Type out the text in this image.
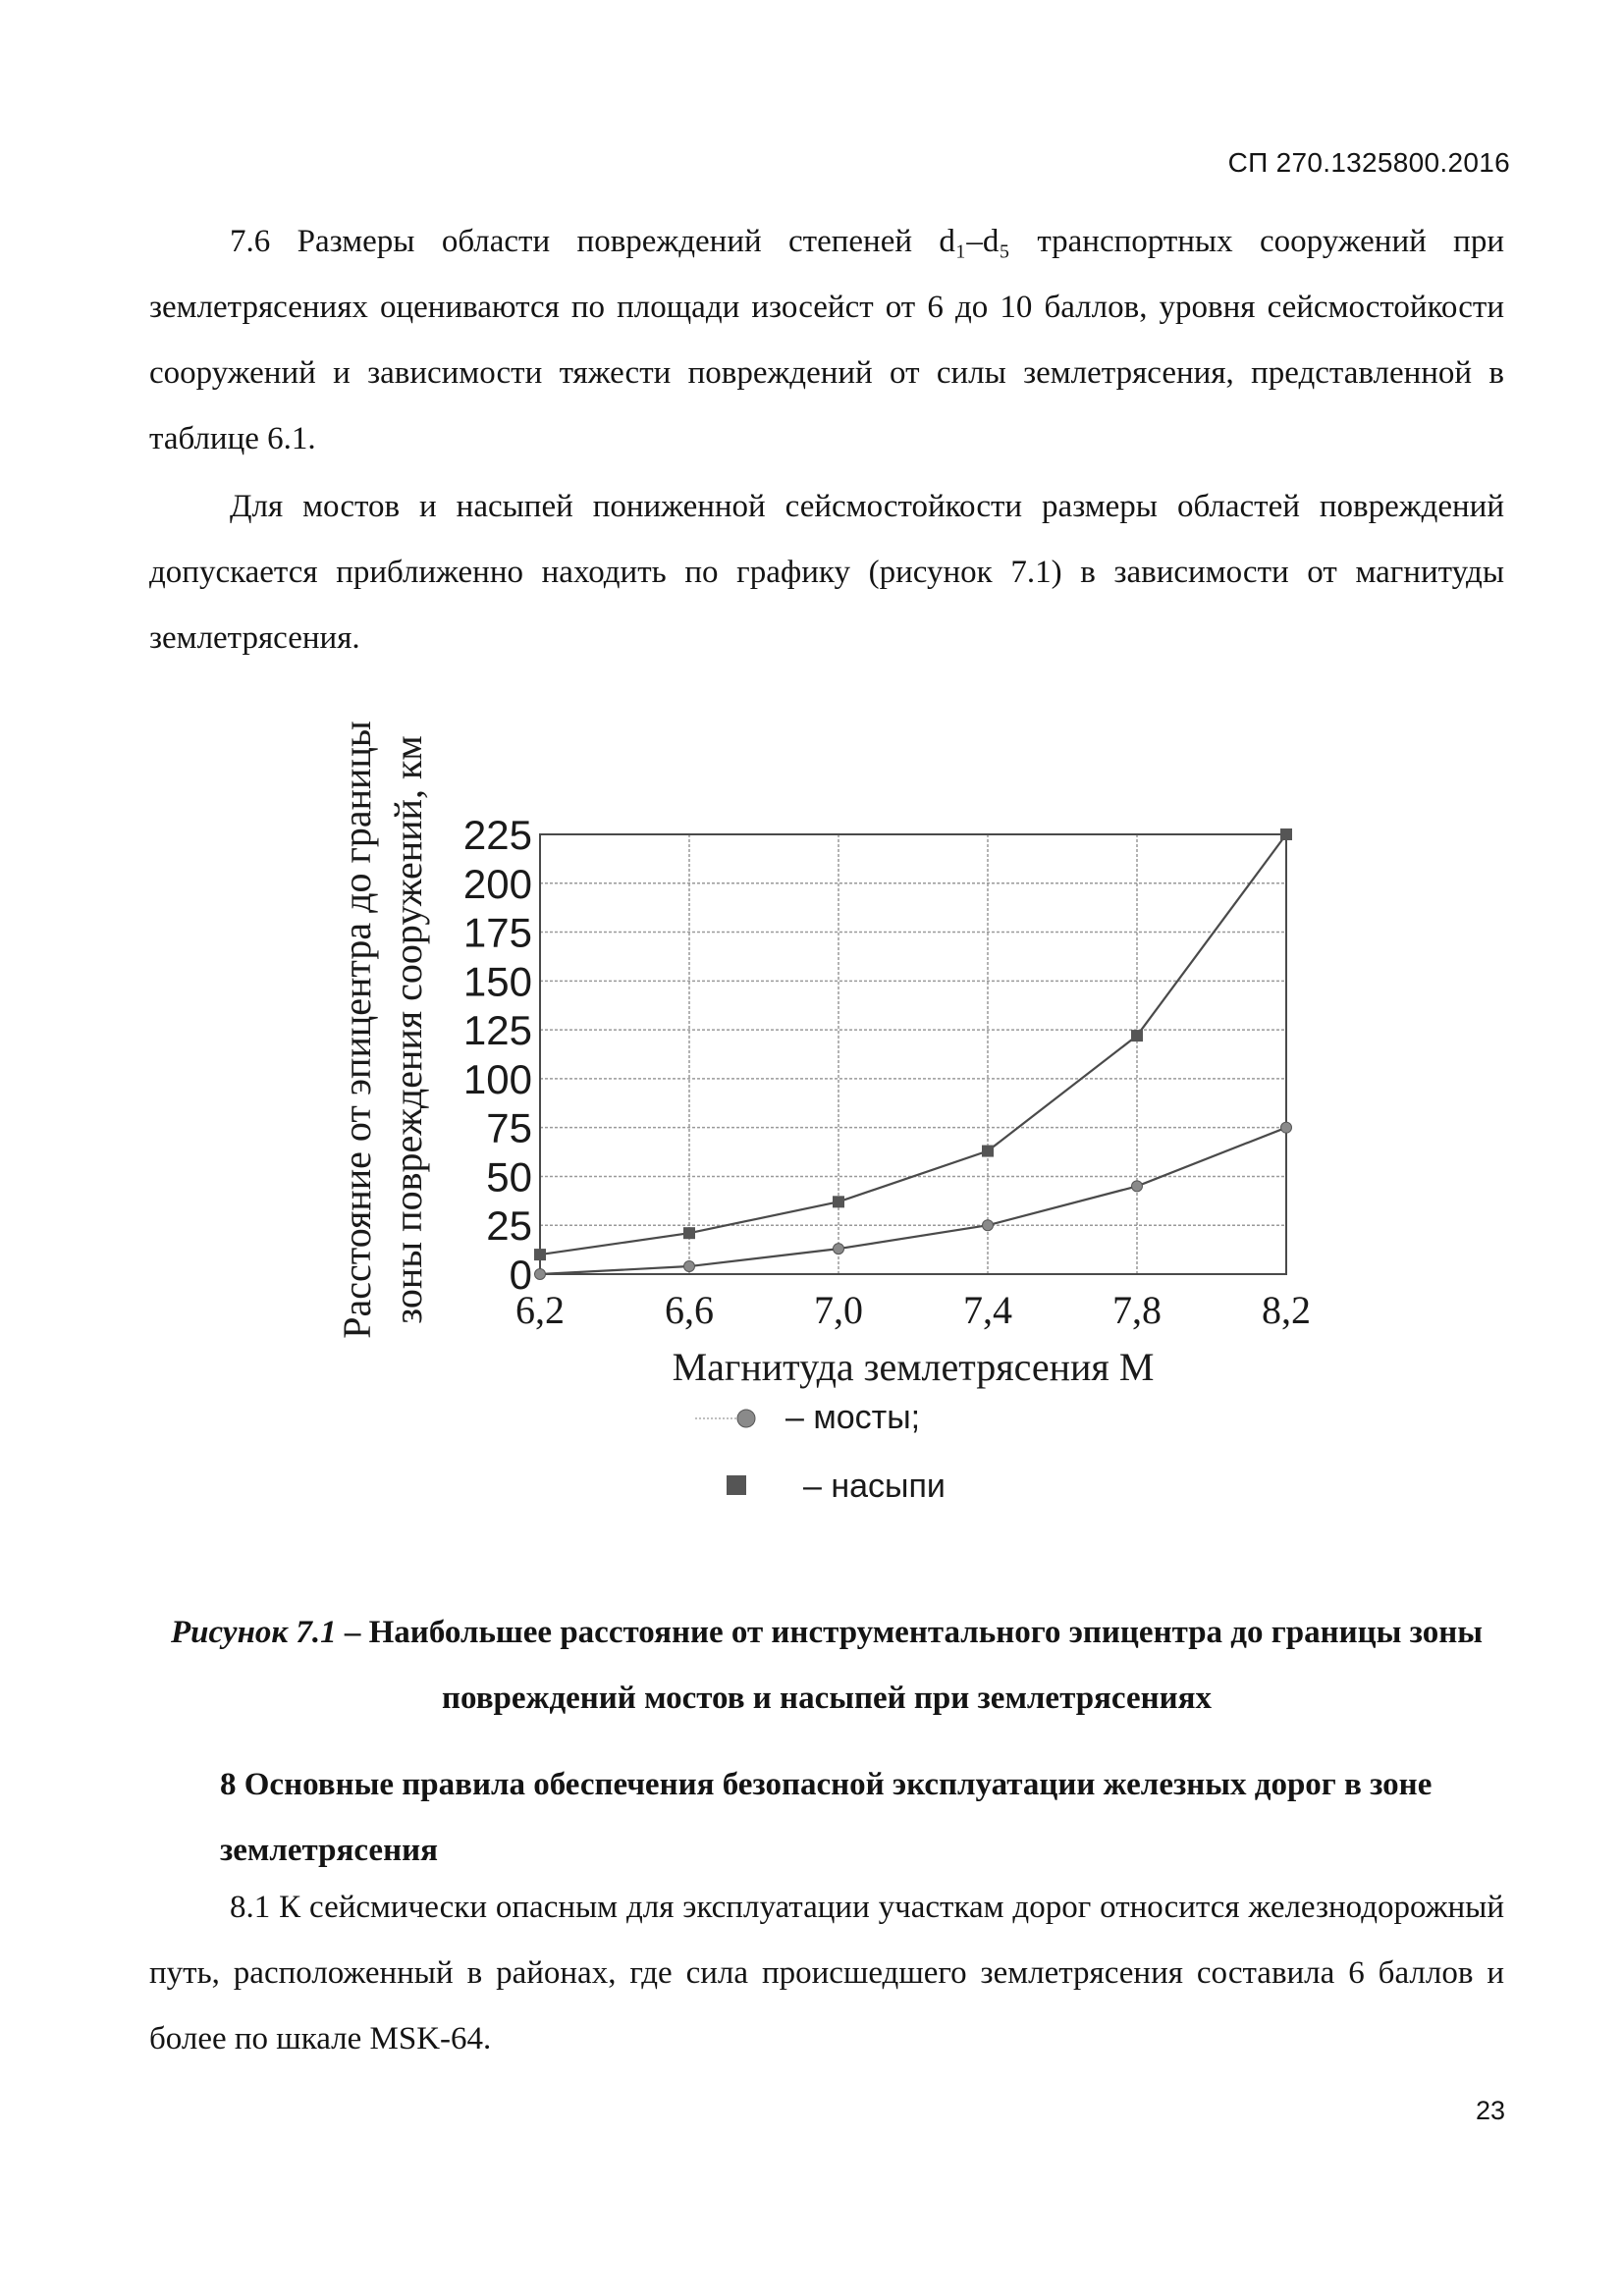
СП 270.1325800.2016

7.6 Размеры области повреждений степеней d₁–d₅ транспортных сооружений при землетрясениях оцениваются по площади изосейст от 6 до 10 баллов, уровня сейсмостойкости сооружений и зависимости тяжести повреждений от силы землетрясения, представленной в таблице 6.1.

Для мостов и насыпей пониженной сейсмостойкости размеры областей повреждений допускается приближенно находить по графику (рисунок 7.1) в зависимости от магнитуды землетрясения.

0
25
50
75
100
125
150
175
200
225
6,2	6,6	7,0	7,4	7,8	8,2
Магнитуда землетрясения М
Расстояние от эпицентра до границы зоны повреждения сооружений, км
– мосты;
– насыпи

Рисунок 7.1 – Наибольшее расстояние от инструментального эпицентра до границы зоны повреждений мостов и насыпей при землетрясениях

8 Основные правила обеспечения безопасной эксплуатации железных дорог в зоне землетрясения

8.1 К сейсмически опасным для эксплуатации участкам дорог относится железнодорожный путь, расположенный в районах, где сила происшедшего землетрясения составила 6 баллов и более по шкале MSK-64.

23
